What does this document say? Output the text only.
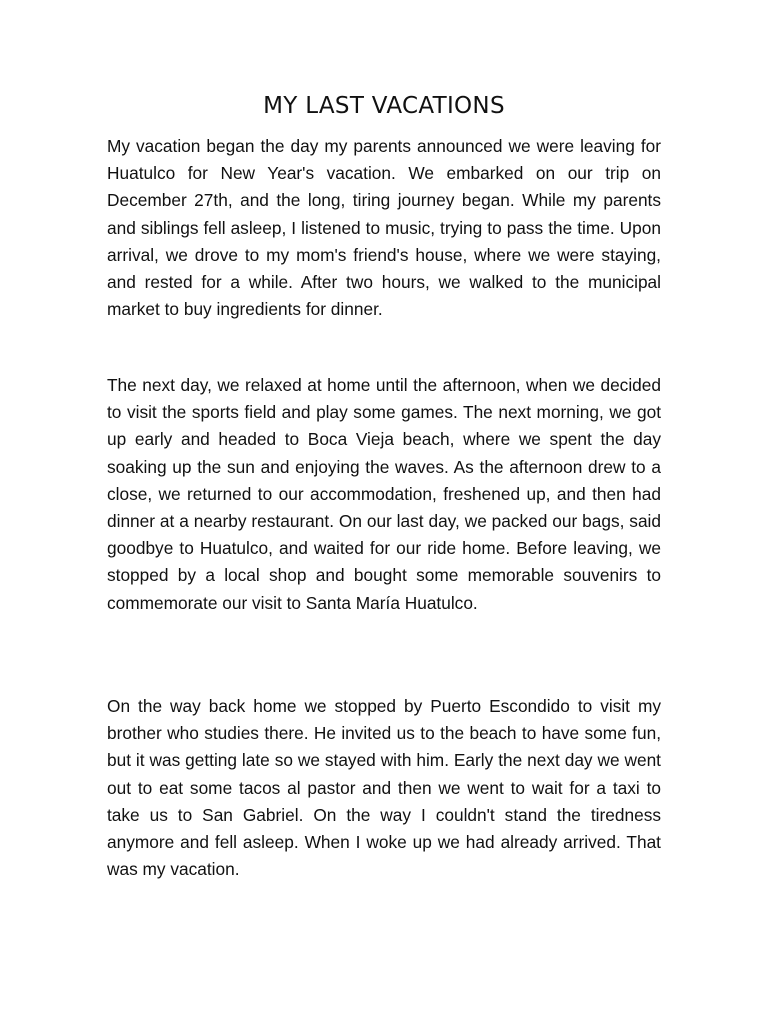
MY LAST VACATIONS

My vacation began the day my parents announced we were leaving for Huatulco for New Year's vacation. We embarked on our trip on December 27th, and the long, tiring journey began. While my parents and siblings fell asleep, I listened to music, trying to pass the time. Upon arrival, we drove to my mom's friend's house, where we were staying, and rested for a while. After two hours, we walked to the municipal market to buy ingredients for dinner.

The next day, we relaxed at home until the afternoon, when we decided to visit the sports field and play some games. The next morning, we got up early and headed to Boca Vieja beach, where we spent the day soaking up the sun and enjoying the waves. As the afternoon drew to a close, we returned to our accommodation, freshened up, and then had dinner at a nearby restaurant. On our last day, we packed our bags, said goodbye to Huatulco, and waited for our ride home. Before leaving, we stopped by a local shop and bought some memorable souvenirs to commemorate our visit to Santa María Huatulco.

On the way back home we stopped by Puerto Escondido to visit my brother who studies there. He invited us to the beach to have some fun, but it was getting late so we stayed with him. Early the next day we went out to eat some tacos al pastor and then we went to wait for a taxi to take us to San Gabriel. On the way I couldn't stand the tiredness anymore and fell asleep. When I woke up we had already arrived. That was my vacation.
